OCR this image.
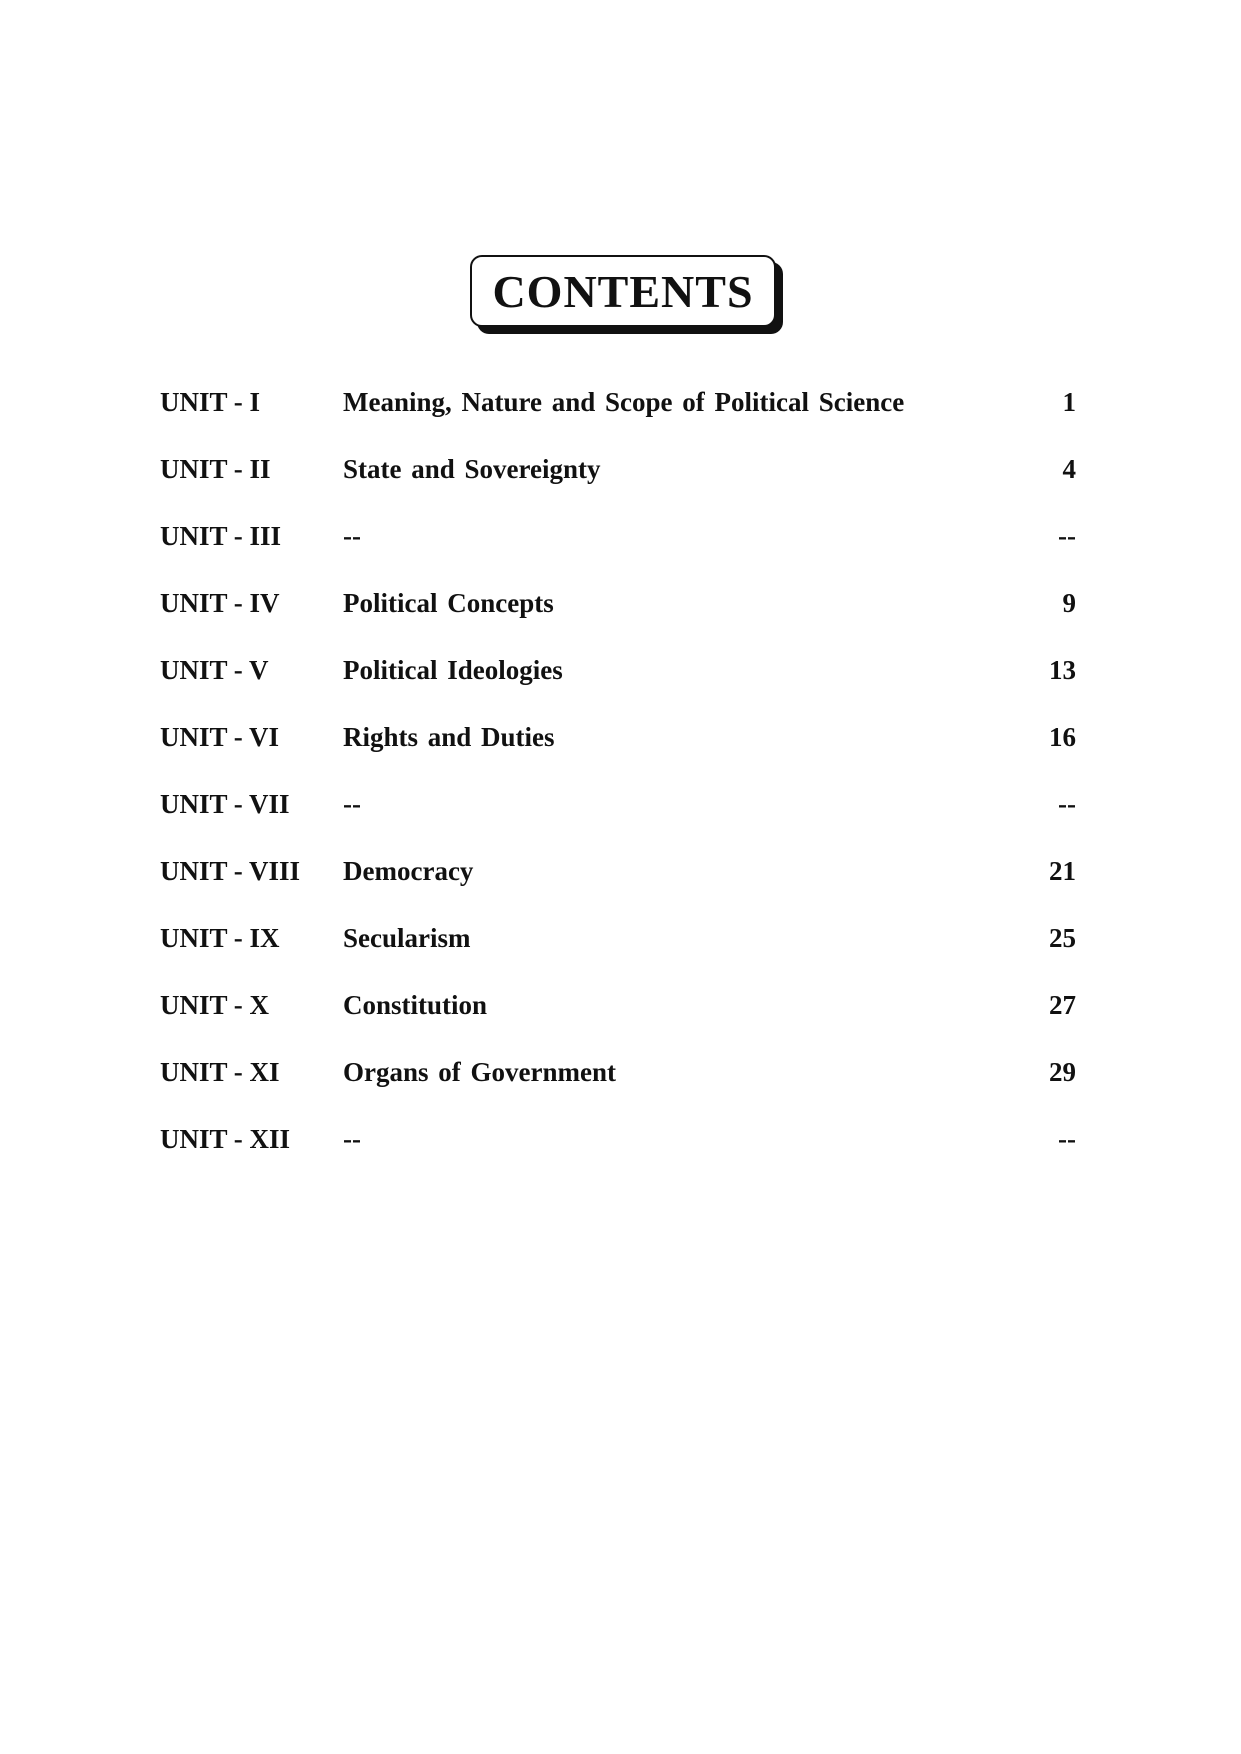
CONTENTS
UNIT - I	Meaning, Nature and Scope of Political Science	1
UNIT - II	State and Sovereignty	4
UNIT - III	--	--
UNIT - IV	Political Concepts	9
UNIT - V	Political Ideologies	13
UNIT - VI	Rights and Duties	16
UNIT - VII	--	--
UNIT - VIII	Democracy	21
UNIT - IX	Secularism	25
UNIT - X	Constitution	27
UNIT - XI	Organs of Government	29
UNIT - XII	--	--
